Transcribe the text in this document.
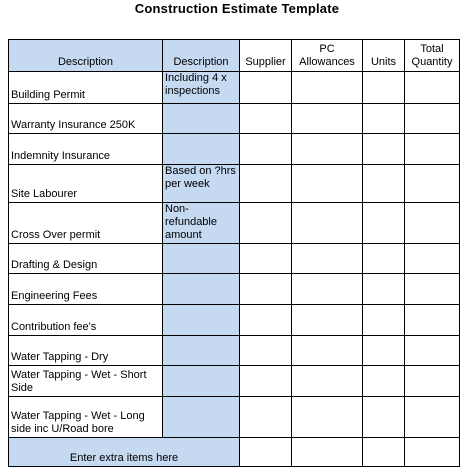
Construction Estimate Template
Description	Description	Supplier	PC Allowances	Units	Total Quantity
Building Permit	Including 4 x inspections				
Warranty Insurance 250K					
Indemnity Insurance					
Site Labourer	Based on ?hrs per week				
Cross Over permit	Non-refundable amount				
Drafting & Design					
Engineering Fees					
Contribution fee's					
Water Tapping - Dry					
Water Tapping - Wet - Short Side					
Water Tapping - Wet - Long side inc U/Road bore					
Enter extra items here					
